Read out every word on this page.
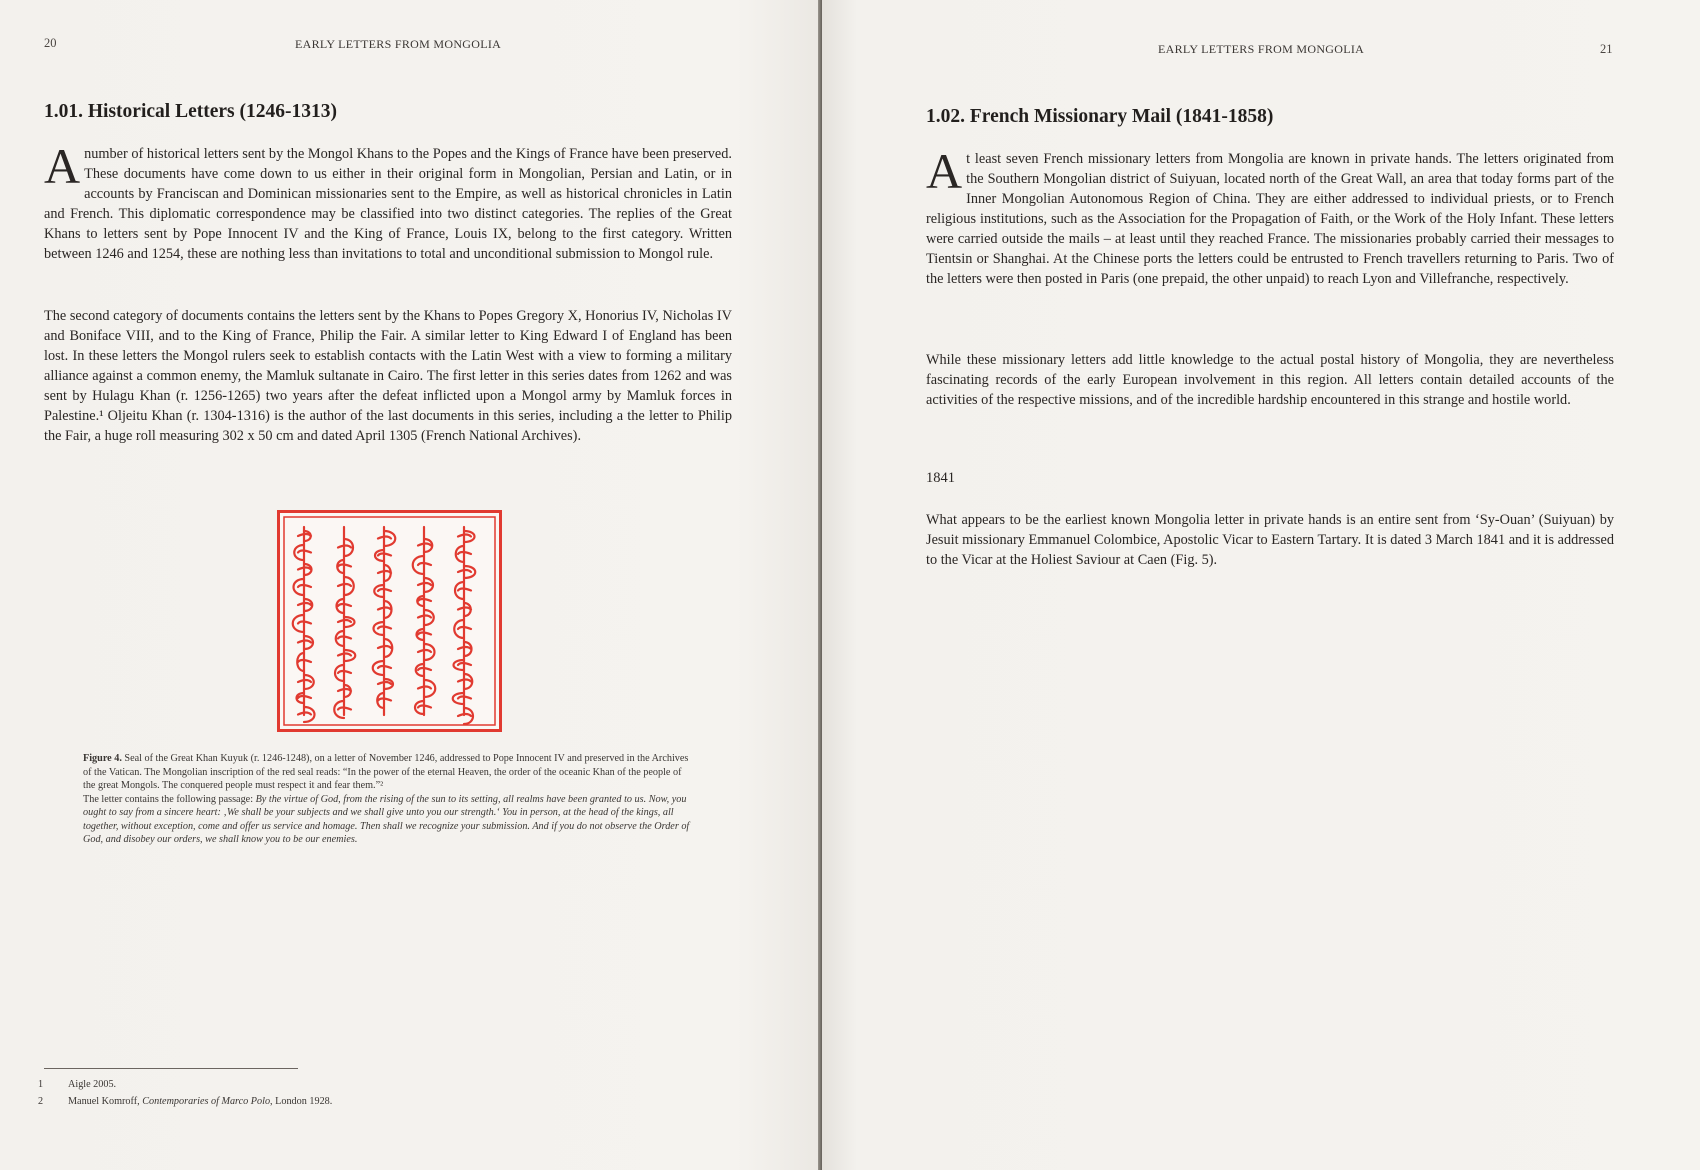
20	EARLY LETTERS FROM MONGOLIA
1.01. Historical Letters (1246-1313)

Anumber of historical letters sent by the Mongol Khans to the Popes and the Kings of France have been preserved. These documents have come down to us either in their original form in Mongolian, Persian and Latin, or in accounts by Franciscan and Dominican missionaries sent to the Empire, as well as historical chronicles in Latin and French. This diplomatic correspondence may be classified into two distinct categories. The replies of the Great Khans to letters sent by Pope Innocent IV and the King of France, Louis IX, belong to the first category. Written between 1246 and 1254, these are nothing less than invitations to total and unconditional submission to Mongol rule.

The second category of documents contains the letters sent by the Khans to Popes Gregory X, Honorius IV, Nicholas IV and Boniface VIII, and to the King of France, Philip the Fair. A similar letter to King Edward I of England has been lost. In these letters the Mongol rulers seek to establish contacts with the Latin West with a view to forming a military alliance against a common enemy, the Mamluk sultanate in Cairo. The first letter in this series dates from 1262 and was sent by Hulagu Khan (r. 1256-1265) two years after the defeat inflicted upon a Mongol army by Mamluk forces in Palestine.¹ Oljeitu Khan (r. 1304-1316) is the author of the last documents in this series, including a the letter to Philip the Fair, a huge roll measuring 302 x 50 cm and dated April 1305 (French National Archives).

Figure 4. Seal of the Great Khan Kuyuk (r. 1246-1248), on a letter of November 1246, addressed to Pope Innocent IV and preserved in the Archives of the Vatican. The Mongolian inscription of the red seal reads: “In the power of the eternal Heaven, the order of the oceanic Khan of the people of the great Mongols. The conquered people must respect it and fear them.”²
The letter contains the following passage: By the virtue of God, from the rising of the sun to its setting, all realms have been granted to us. Now, you ought to say from a sincere heart: ‚We shall be your subjects and we shall give unto you our strength.‘ You in person, at the head of the kings, all together, without exception, come and offer us service and homage. Then shall we recognize your submission. And if you do not observe the Order of God, and disobey our orders, we shall know you to be our enemies.

1 Aigle 2005.
2 Manuel Komroff, Contemporaries of Marco Polo, London 1928.
EARLY LETTERS FROM MONGOLIA	21
1.02. French Missionary Mail (1841-1858)

At least seven French missionary letters from Mongolia are known in private hands. The letters originated from the Southern Mongolian district of Suiyuan, located north of the Great Wall, an area that today forms part of the Inner Mongolian Autonomous Region of China. They are either addressed to individual priests, or to French religious institutions, such as the Association for the Propagation of Faith, or the Work of the Holy Infant. These letters were carried outside the mails – at least until they reached France. The missionaries probably carried their messages to Tientsin or Shanghai. At the Chinese ports the letters could be entrusted to French travellers returning to Paris. Two of the letters were then posted in Paris (one prepaid, the other unpaid) to reach Lyon and Villefranche, respectively.

While these missionary letters add little knowledge to the actual postal history of Mongolia, they are nevertheless fascinating records of the early European involvement in this region. All letters contain detailed accounts of the activities of the respective missions, and of the incredible hardship encountered in this strange and hostile world.

1841

What appears to be the earliest known Mongolia letter in private hands is an entire sent from ‘Sy-Ouan’ (Suiyuan) by Jesuit missionary Emmanuel Colombice, Apostolic Vicar to Eastern Tartary. It is dated 3 March 1841 and it is addressed to the Vicar at the Holiest Saviour at Caen (Fig. 5).
